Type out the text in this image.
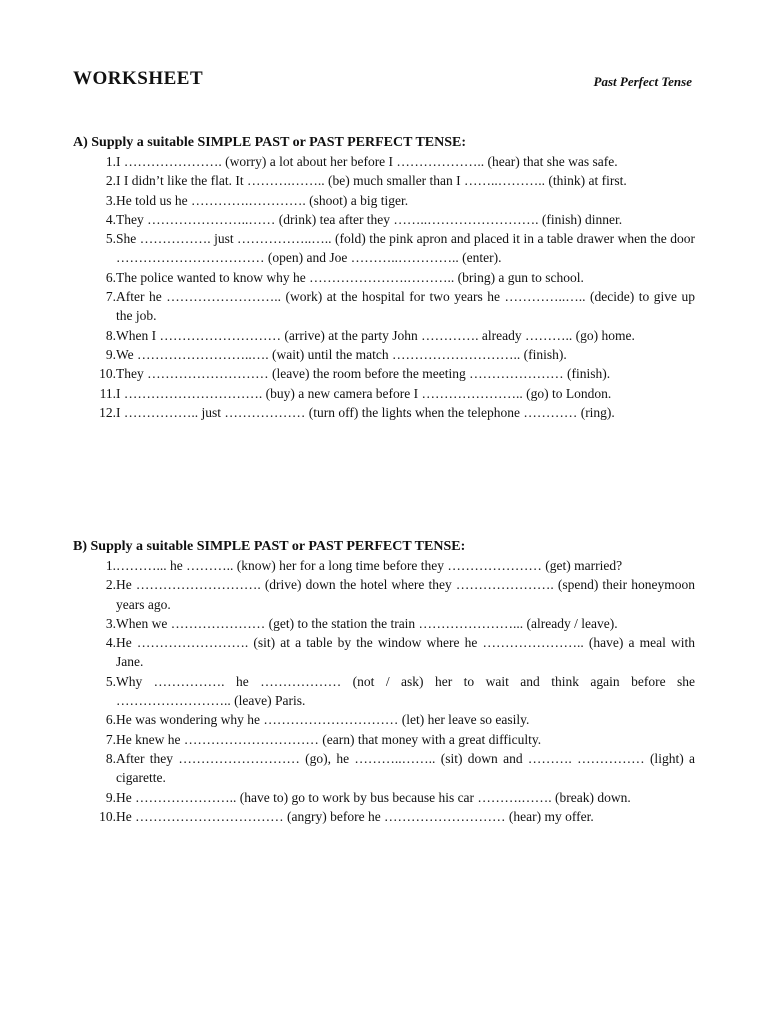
WORKSHEET	Past Perfect Tense
A) Supply a suitable SIMPLE PAST or PAST PERFECT TENSE:
1. I …………………. (worry) a lot about her before I ……………….. (hear) that she was safe.
2. I I didn’t like the flat. It ……….…….. (be) much smaller than I ……..……….. (think) at first.
3. He told us he ………….…………. (shoot) a big tiger.
4. They …………………..…… (drink) tea after they ……..……………………. (finish) dinner.
5. She ……………. just ……………..….. (fold) the pink apron and placed it in a table drawer when the door …………………………… (open) and Joe ………..………….. (enter).
6. The police wanted to know why he ………………….……….. (bring) a gun to school.
7. After he …………………….. (work) at the hospital for two years he …………..….. (decide) to give up the job.
8. When I ……………………… (arrive) at the party John …………. already ……….. (go) home.
9. We ……………………..…. (wait) until the match ……………………….. (finish).
10. They ……………………… (leave) the room before the meeting ………………… (finish).
11. I …………………………. (buy) a new camera before I ………………….. (go) to London.
12. I …………….. just ……………… (turn off) the lights when the telephone ………… (ring).
B) Supply a suitable SIMPLE PAST or PAST PERFECT TENSE:
1. ………... he ……….. (know) her for a long time before they ………………… (get) married?
2. He ………………………. (drive) down the hotel where they …………………. (spend) their honeymoon years ago.
3. When we ………………… (get) to the station the train …………………... (already / leave).
4. He ……………………. (sit) at a table by the window where he ………………….. (have) a meal with Jane.
5. Why ……………. he ……………… (not / ask) her to wait and think again before she …………………….. (leave) Paris.
6. He was wondering why he ………………………… (let) her leave so easily.
7. He knew he ………………………… (earn) that money with a great difficulty.
8. After they ……………………… (go), he ………..…….. (sit) down and ………. …………… (light) a cigarette.
9. He ………………….. (have to) go to work by bus because his car ……….……. (break) down.
10. He …………………………… (angry) before he ……………………… (hear) my offer.
